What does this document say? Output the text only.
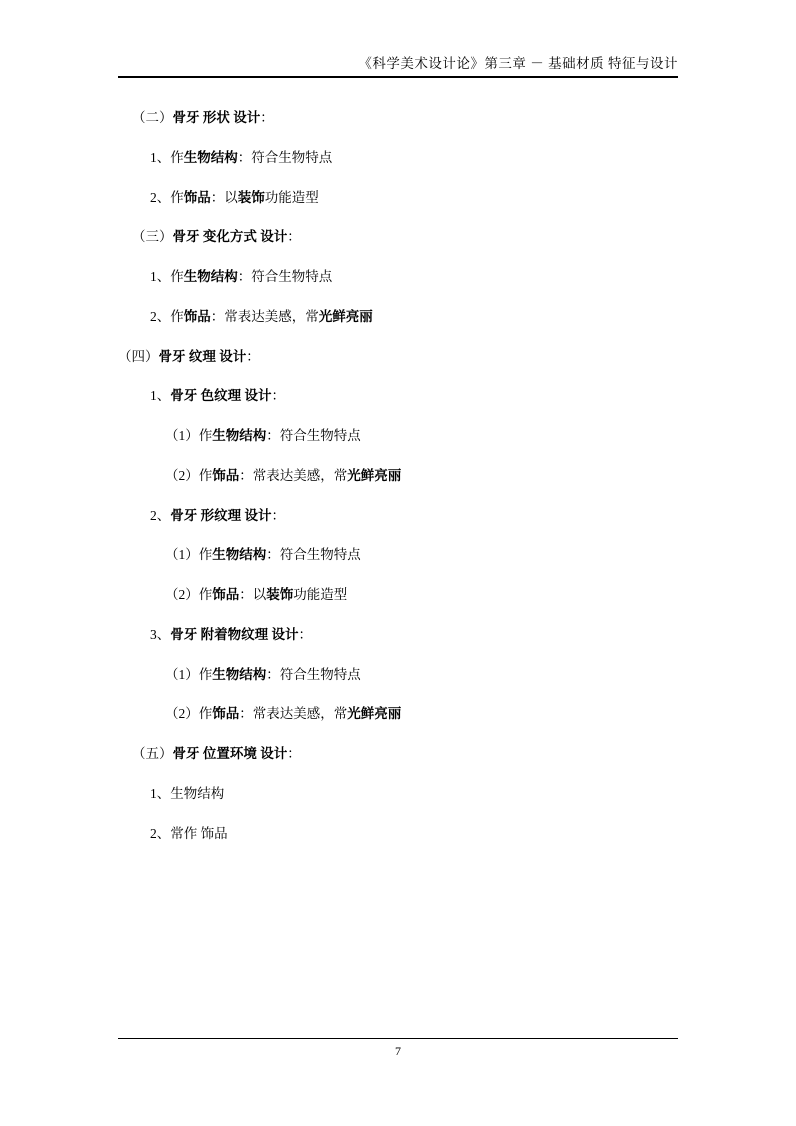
《科学美术设计论》第三章 － 基础材质 特征与设计
（二）骨牙 形状 设计：
1、作生物结构：符合生物特点
2、作饰品：以装饰功能造型
（三）骨牙 变化方式 设计：
1、作生物结构：符合生物特点
2、作饰品：常表达美感，常光鲜亮丽
（四）骨牙 纹理 设计：
1、骨牙 色纹理 设计：
（1）作生物结构：符合生物特点
（2）作饰品：常表达美感，常光鲜亮丽
2、骨牙 形纹理 设计：
（1）作生物结构：符合生物特点
（2）作饰品：以装饰功能造型
3、骨牙 附着物纹理 设计：
（1）作生物结构：符合生物特点
（2）作饰品：常表达美感，常光鲜亮丽
（五）骨牙 位置环境 设计：
1、生物结构
2、常作 饰品
7
